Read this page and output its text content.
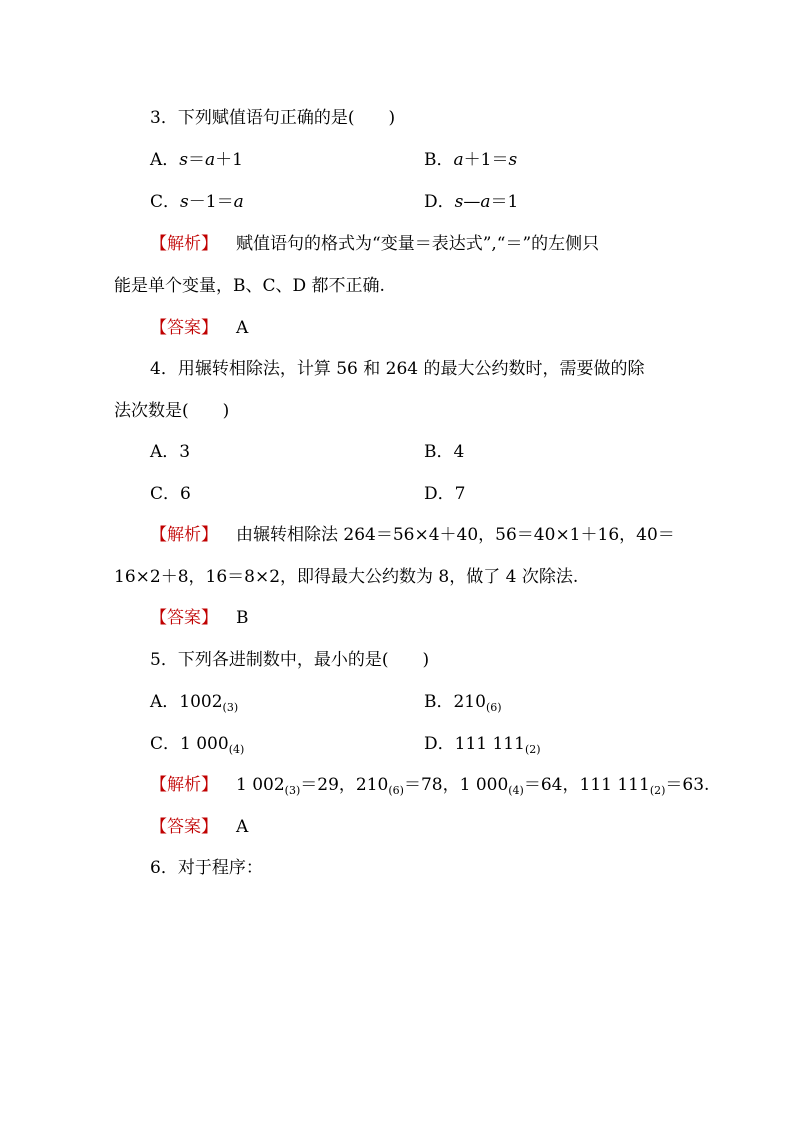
3．下列赋值语句正确的是(　　)
A．s＝a＋1	B．a＋1＝s
C．s－1＝a	D．s—a＝1
【解析】 赋值语句的格式为“变量＝表达式”,“＝”的左侧只
能是单个变量，B、C、D 都不正确.
【答案】 A
4．用辗转相除法，计算 56 和 264 的最大公约数时，需要做的除
法次数是(　　)
A．3	B．4
C．6	D．7
【解析】 由辗转相除法 264＝56×4＋40，56＝40×1＋16，40＝
16×2＋8，16＝8×2，即得最大公约数为 8，做了 4 次除法.
【答案】 B
5．下列各进制数中，最小的是(　　)
A．$1002_{(3)}$	B．$210_{(6)}$
C．1 $000_{(4)}$	D．111 $111_{(2)}$
【解析】 1 $002_{(3)}=29$，$210_{(6)}=78$，1 $000_{(4)}=64$，111 $111_{(2)}=63$.
【答案】 A
6．对于程序：
